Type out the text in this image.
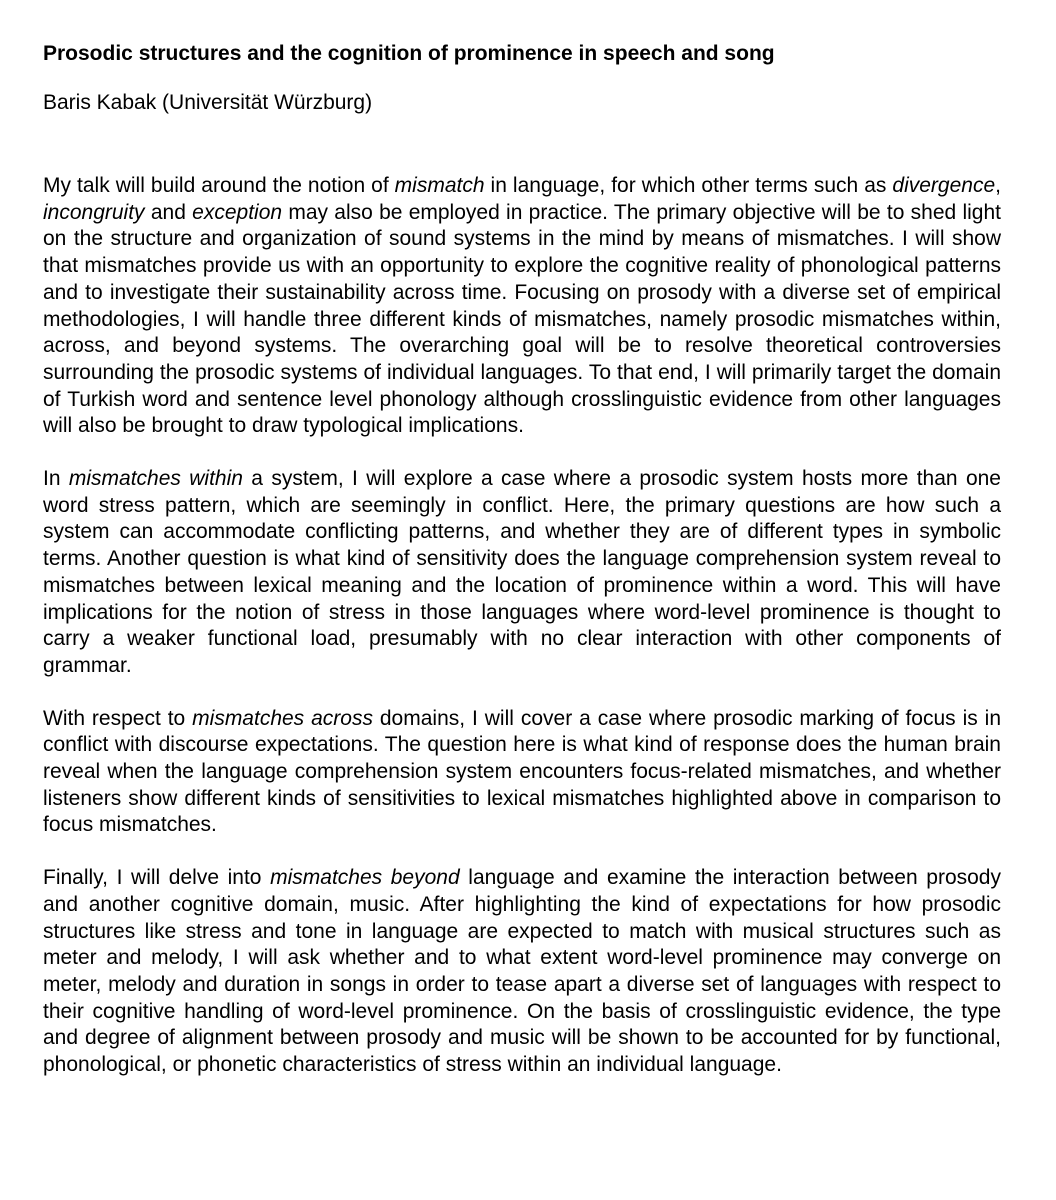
Prosodic structures and the cognition of prominence in speech and song

Baris Kabak (Universität Würzburg)

My talk will build around the notion of mismatch in language, for which other terms such as divergence, incongruity and exception may also be employed in practice. The primary objective will be to shed light on the structure and organization of sound systems in the mind by means of mismatches. I will show that mismatches provide us with an opportunity to explore the cognitive reality of phonological patterns and to investigate their sustainability across time. Focusing on prosody with a diverse set of empirical methodologies, I will handle three different kinds of mismatches, namely prosodic mismatches within, across, and beyond systems. The overarching goal will be to resolve theoretical controversies surrounding the prosodic systems of individual languages. To that end, I will primarily target the domain of Turkish word and sentence level phonology although crosslinguistic evidence from other languages will also be brought to draw typological implications.

In mismatches within a system, I will explore a case where a prosodic system hosts more than one word stress pattern, which are seemingly in conflict. Here, the primary questions are how such a system can accommodate conflicting patterns, and whether they are of different types in symbolic terms. Another question is what kind of sensitivity does the language comprehension system reveal to mismatches between lexical meaning and the location of prominence within a word. This will have implications for the notion of stress in those languages where word-level prominence is thought to carry a weaker functional load, presumably with no clear interaction with other components of grammar.

With respect to mismatches across domains, I will cover a case where prosodic marking of focus is in conflict with discourse expectations. The question here is what kind of response does the human brain reveal when the language comprehension system encounters focus-related mismatches, and whether listeners show different kinds of sensitivities to lexical mismatches highlighted above in comparison to focus mismatches.

Finally, I will delve into mismatches beyond language and examine the interaction between prosody and another cognitive domain, music. After highlighting the kind of expectations for how prosodic structures like stress and tone in language are expected to match with musical structures such as meter and melody, I will ask whether and to what extent word-level prominence may converge on meter, melody and duration in songs in order to tease apart a diverse set of languages with respect to their cognitive handling of word-level prominence. On the basis of crosslinguistic evidence, the type and degree of alignment between prosody and music will be shown to be accounted for by functional, phonological, or phonetic characteristics of stress within an individual language.
